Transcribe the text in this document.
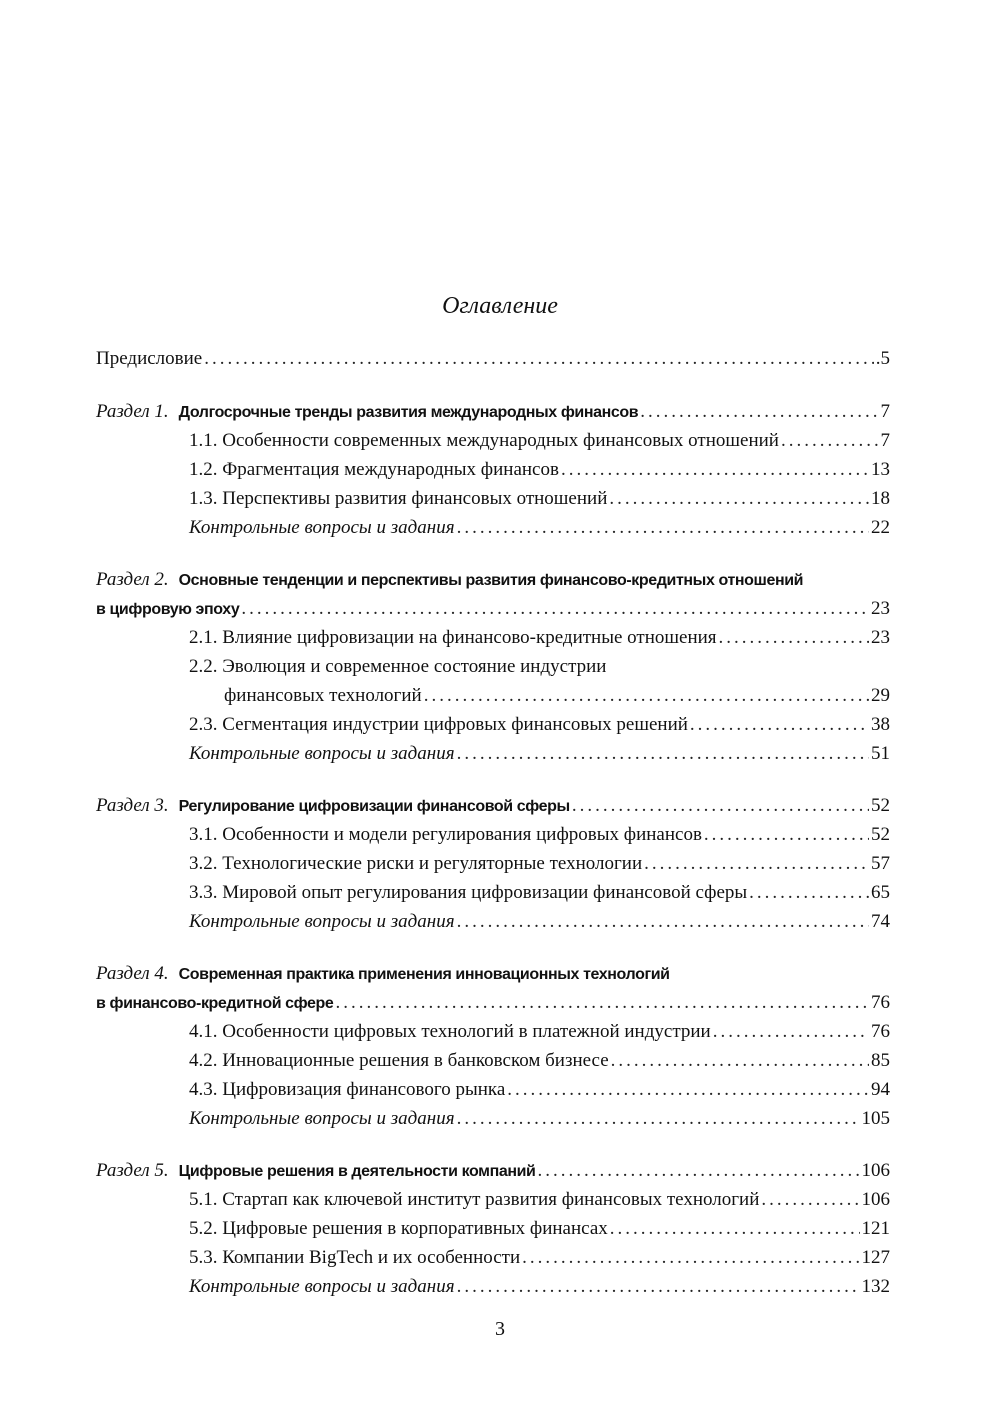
Оглавление
Предисловие .....	.5
Раздел 1. Долгосрочные тренды развития международных финансов .....	7
1.1. Особенности современных международных финансовых отношений .....	7
1.2. Фрагментация международных финансов .....	13
1.3. Перспективы развития финансовых отношений .....	18
Контрольные вопросы и задания .....	22
Раздел 2. Основные тенденции и перспективы развития финансово-кредитных отношений
в цифровую эпоху .....	23
2.1. Влияние цифровизации на финансово-кредитные отношения .....	23
2.2. Эволюция и современное состояние индустрии
финансовых технологий .....	29
2.3. Сегментация индустрии цифровых финансовых решений .....	38
Контрольные вопросы и задания .....	51
Раздел 3. Регулирование цифровизации финансовой сферы .....	52
3.1. Особенности и модели регулирования цифровых финансов .....	52
3.2. Технологические риски и регуляторные технологии .....	57
3.3. Мировой опыт регулирования цифровизации финансовой сферы .....	65
Контрольные вопросы и задания .....	74
Раздел 4. Современная практика применения инновационных технологий
в финансово-кредитной сфере .....	76
4.1. Особенности цифровых технологий в платежной индустрии .....	76
4.2. Инновационные решения в банковском бизнесе .....	85
4.3. Цифровизация финансового рынка .....	94
Контрольные вопросы и задания .....	105
Раздел 5. Цифровые решения в деятельности компаний .....	106
5.1. Стартап как ключевой институт развития финансовых технологий .....	106
5.2. Цифровые решения в корпоративных финансах .....	121
5.3. Компании BigTech и их особенности .....	127
Контрольные вопросы и задания .....	132
3
